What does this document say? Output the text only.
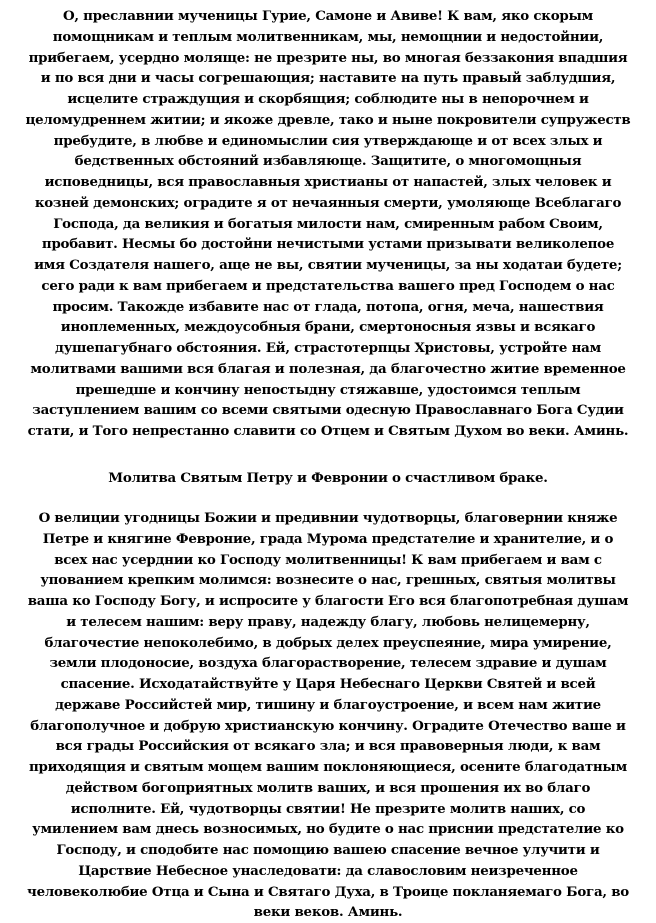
О, преславнии мученицы Гурие, Самоне и Авиве! К вам, яко скорым
помощникам и теплым молитвенникам, мы, немощнии и недостойнии,
прибегаем, усердно моляще: не презрите ны, во многая беззакония впадшия
и по вся дни и часы согрешающия; наставите на путь правый заблудшия,
исцелите страждущия и скорбящия; соблюдите ны в непорочнем и
целомудреннем житии; и якоже древле, тако и ныне покровители супружеств
пребудите, в любве и единомыслии сия утверждающе и от всех злых и
бедственных обстояний избавляюще. Защитите, о многомощныя
исповедницы, вся православныя христианы от напастей, злых человек и
козней демонских; оградите я от нечаянныя смерти, умоляюще Всеблагаго
Господа, да великия и богатыя милости нам, смиренным рабом Своим,
пробавит. Несмы бо достойни нечистыми устами призывати великолепое
имя Создателя нашего, аще не вы, святии мученицы, за ны ходатаи будете;
сего ради к вам прибегаем и предстательства вашего пред Господем о нас
просим. Такожде избавите нас от глада, потопа, огня, меча, нашествия
иноплеменных, междоусобныя брани, смертоносныя язвы и всякаго
душепагубнаго обстояния. Ей, страстотерпцы Христовы, устройте нам
молитвами вашими вся благая и полезная, да благочестно житие временное
прешедше и кончину непостыдну стяжавше, удостоимся теплым
заступлением вашим со всеми святыми одесную Православнаго Бога Судии
стати, и Того непрестанно славити со Отцем и Святым Духом во веки. Аминь.
Молитва Святым Петру и Февронии о счастливом браке.
О велиции угодницы Божии и предивнии чудотворцы, благовернии княже
Петре и княгине Февроние, града Мурома предстателие и хранителие, и о
всех нас усерднии ко Господу молитвенницы! К вам прибегаем и вам с
упованием крепким молимся: вознесите о нас, грешных, святыя молитвы
ваша ко Господу Богу, и испросите у благости Его вся благопотребная душам
и телесем нашим: веру праву, надежду благу, любовь нелицемерну,
благочестие непоколебимо, в добрых делех преуспеяние, мира умирение,
земли плодоносие, воздуха благорастворение, телесем здравие и душам
спасение. Исходатайствуйте у Царя Небеснаго Церкви Святей и всей
державе Российстей мир, тишину и благоустроение, и всем нам житие
благополучное и добрую христианскую кончину. Оградите Отечество ваше и
вся грады Российския от всякаго зла; и вся правоверныя люди, к вам
приходящия и святым мощем вашим поклоняющиеся, осените благодатным
действом богоприятных молитв ваших, и вся прошения их во благо
исполните. Ей, чудотворцы святии! Не презрите молитв наших, со
умилением вам днесь возносимых, но будите о нас приснии предстателие ко
Господу, и сподобите нас помощию вашею спасение вечное улучити и
Царствие Небесное унаследовати: да славословим неизреченное
человеколюбие Отца и Сына и Святаго Духа, в Троице покланяемаго Бога, во
веки веков. Аминь.
